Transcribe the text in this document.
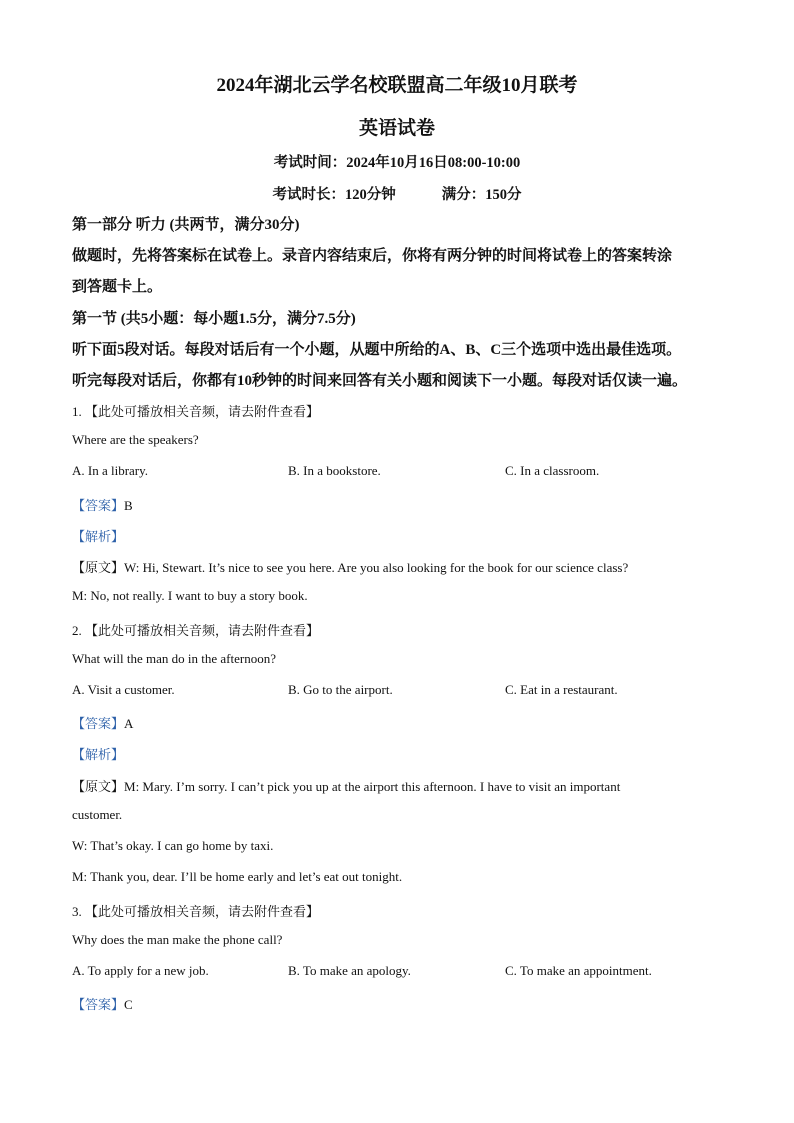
2024年湖北云学名校联盟高二年级10月联考
英语试卷
考试时间：2024年10月16日08:00-10:00
考试时长：120分钟	满分：150分
第一部分 听力 (共两节，满分30分)
做题时，先将答案标在试卷上。录音内容结束后，你将有两分钟的时间将试卷上的答案转涂
到答题卡上。
第一节 (共5小题：每小题1.5分，满分7.5分)
听下面5段对话。每段对话后有一个小题，从题中所给的A、B、C三个选项中选出最佳选项。
听完每段对话后，你都有10秒钟的时间来回答有关小题和阅读下一小题。每段对话仅读一遍。
1. 【此处可播放相关音频，请去附件查看】
Where are the speakers?
A. In a library.	B. In a bookstore.	C. In a classroom.
【答案】B
【解析】
【原文】W: Hi, Stewart. It’s nice to see you here. Are you also looking for the book for our science class?
M: No, not really. I want to buy a story book.
2. 【此处可播放相关音频，请去附件查看】
What will the man do in the afternoon?
A. Visit a customer.	B. Go to the airport.	C. Eat in a restaurant.
【答案】A
【解析】
【原文】M: Mary. I’m sorry. I can’t pick you up at the airport this afternoon. I have to visit an important
customer.
W: That’s okay. I can go home by taxi.
M: Thank you, dear. I’ll be home early and let’s eat out tonight.
3. 【此处可播放相关音频，请去附件查看】
Why does the man make the phone call?
A. To apply for a new job.	B. To make an apology.	C. To make an appointment.
【答案】C
